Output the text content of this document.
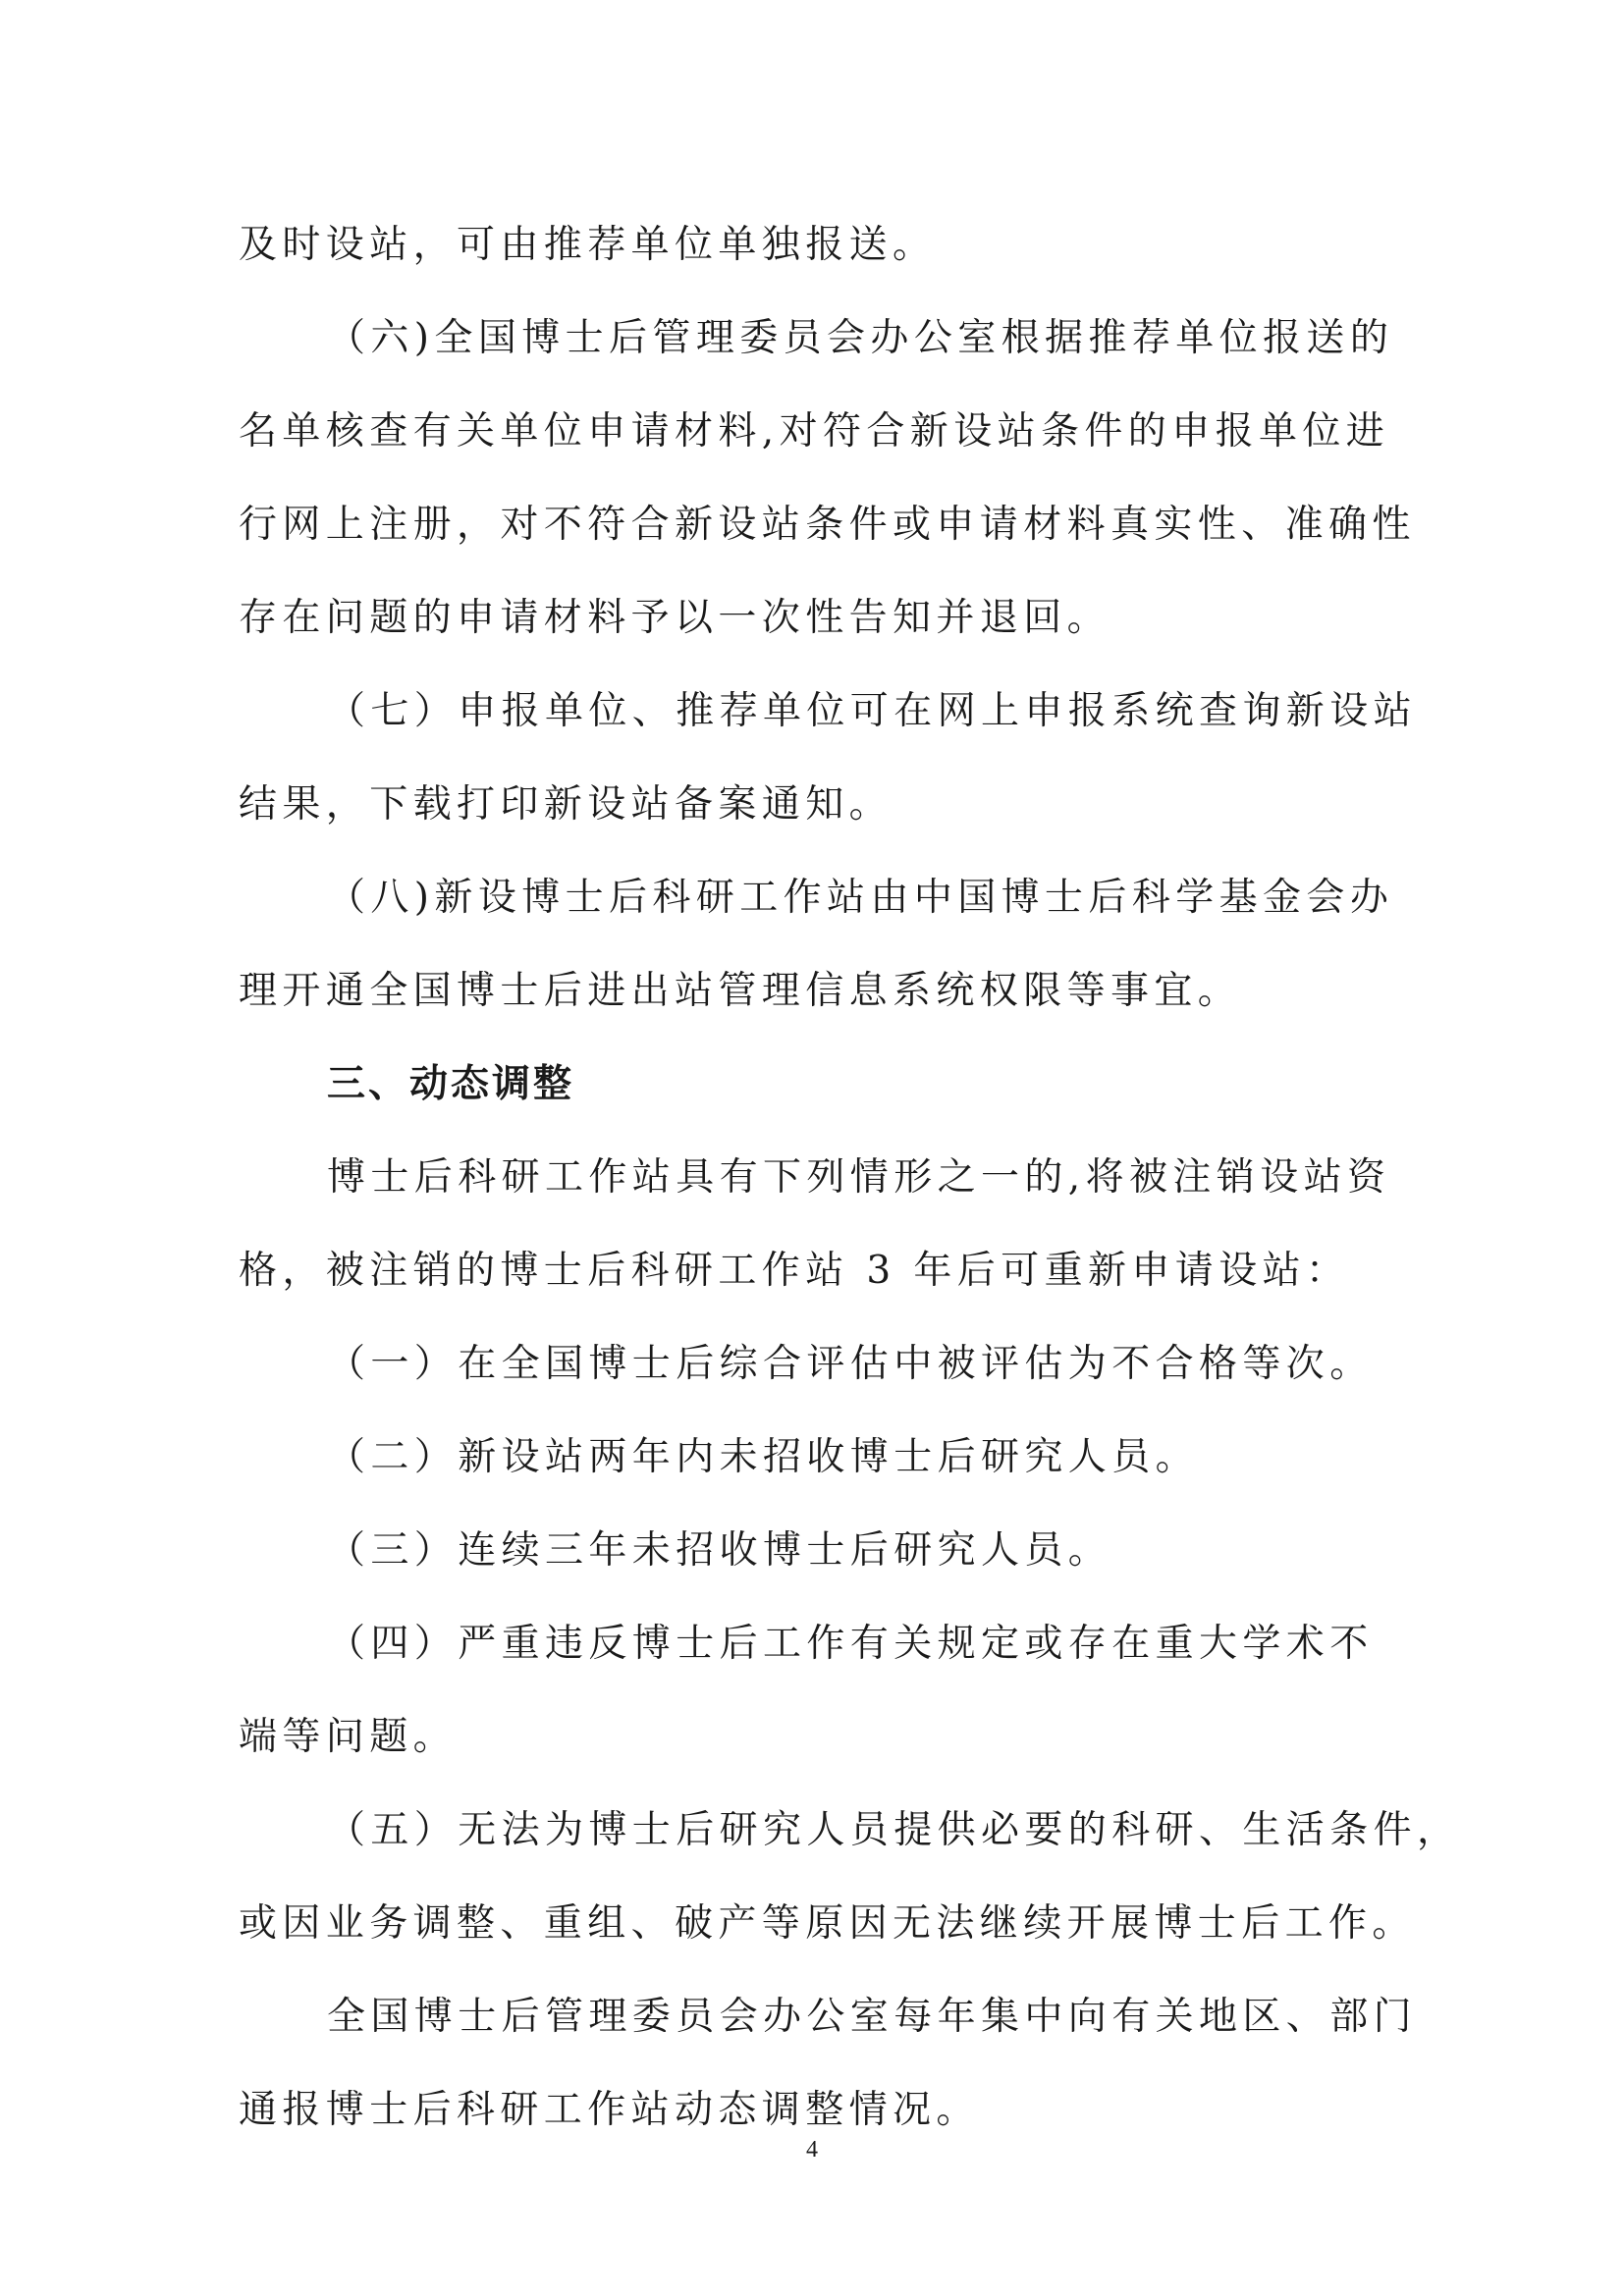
及时设站，可由推荐单位单独报送。
（六)全国博士后管理委员会办公室根据推荐单位报送的
名单核查有关单位申请材料,对符合新设站条件的申报单位进
行网上注册，对不符合新设站条件或申请材料真实性、准确性
存在问题的申请材料予以一次性告知并退回。
（七）申报单位、推荐单位可在网上申报系统查询新设站
结果，下载打印新设站备案通知。
（八)新设博士后科研工作站由中国博士后科学基金会办
理开通全国博士后进出站管理信息系统权限等事宜。
三、动态调整
博士后科研工作站具有下列情形之一的,将被注销设站资
格，被注销的博士后科研工作站 3 年后可重新申请设站：
（一）在全国博士后综合评估中被评估为不合格等次。
（二）新设站两年内未招收博士后研究人员。
（三）连续三年未招收博士后研究人员。
（四）严重违反博士后工作有关规定或存在重大学术不
端等问题。
（五）无法为博士后研究人员提供必要的科研、生活条件，
或因业务调整、重组、破产等原因无法继续开展博士后工作。
全国博士后管理委员会办公室每年集中向有关地区、部门
通报博士后科研工作站动态调整情况。
4
